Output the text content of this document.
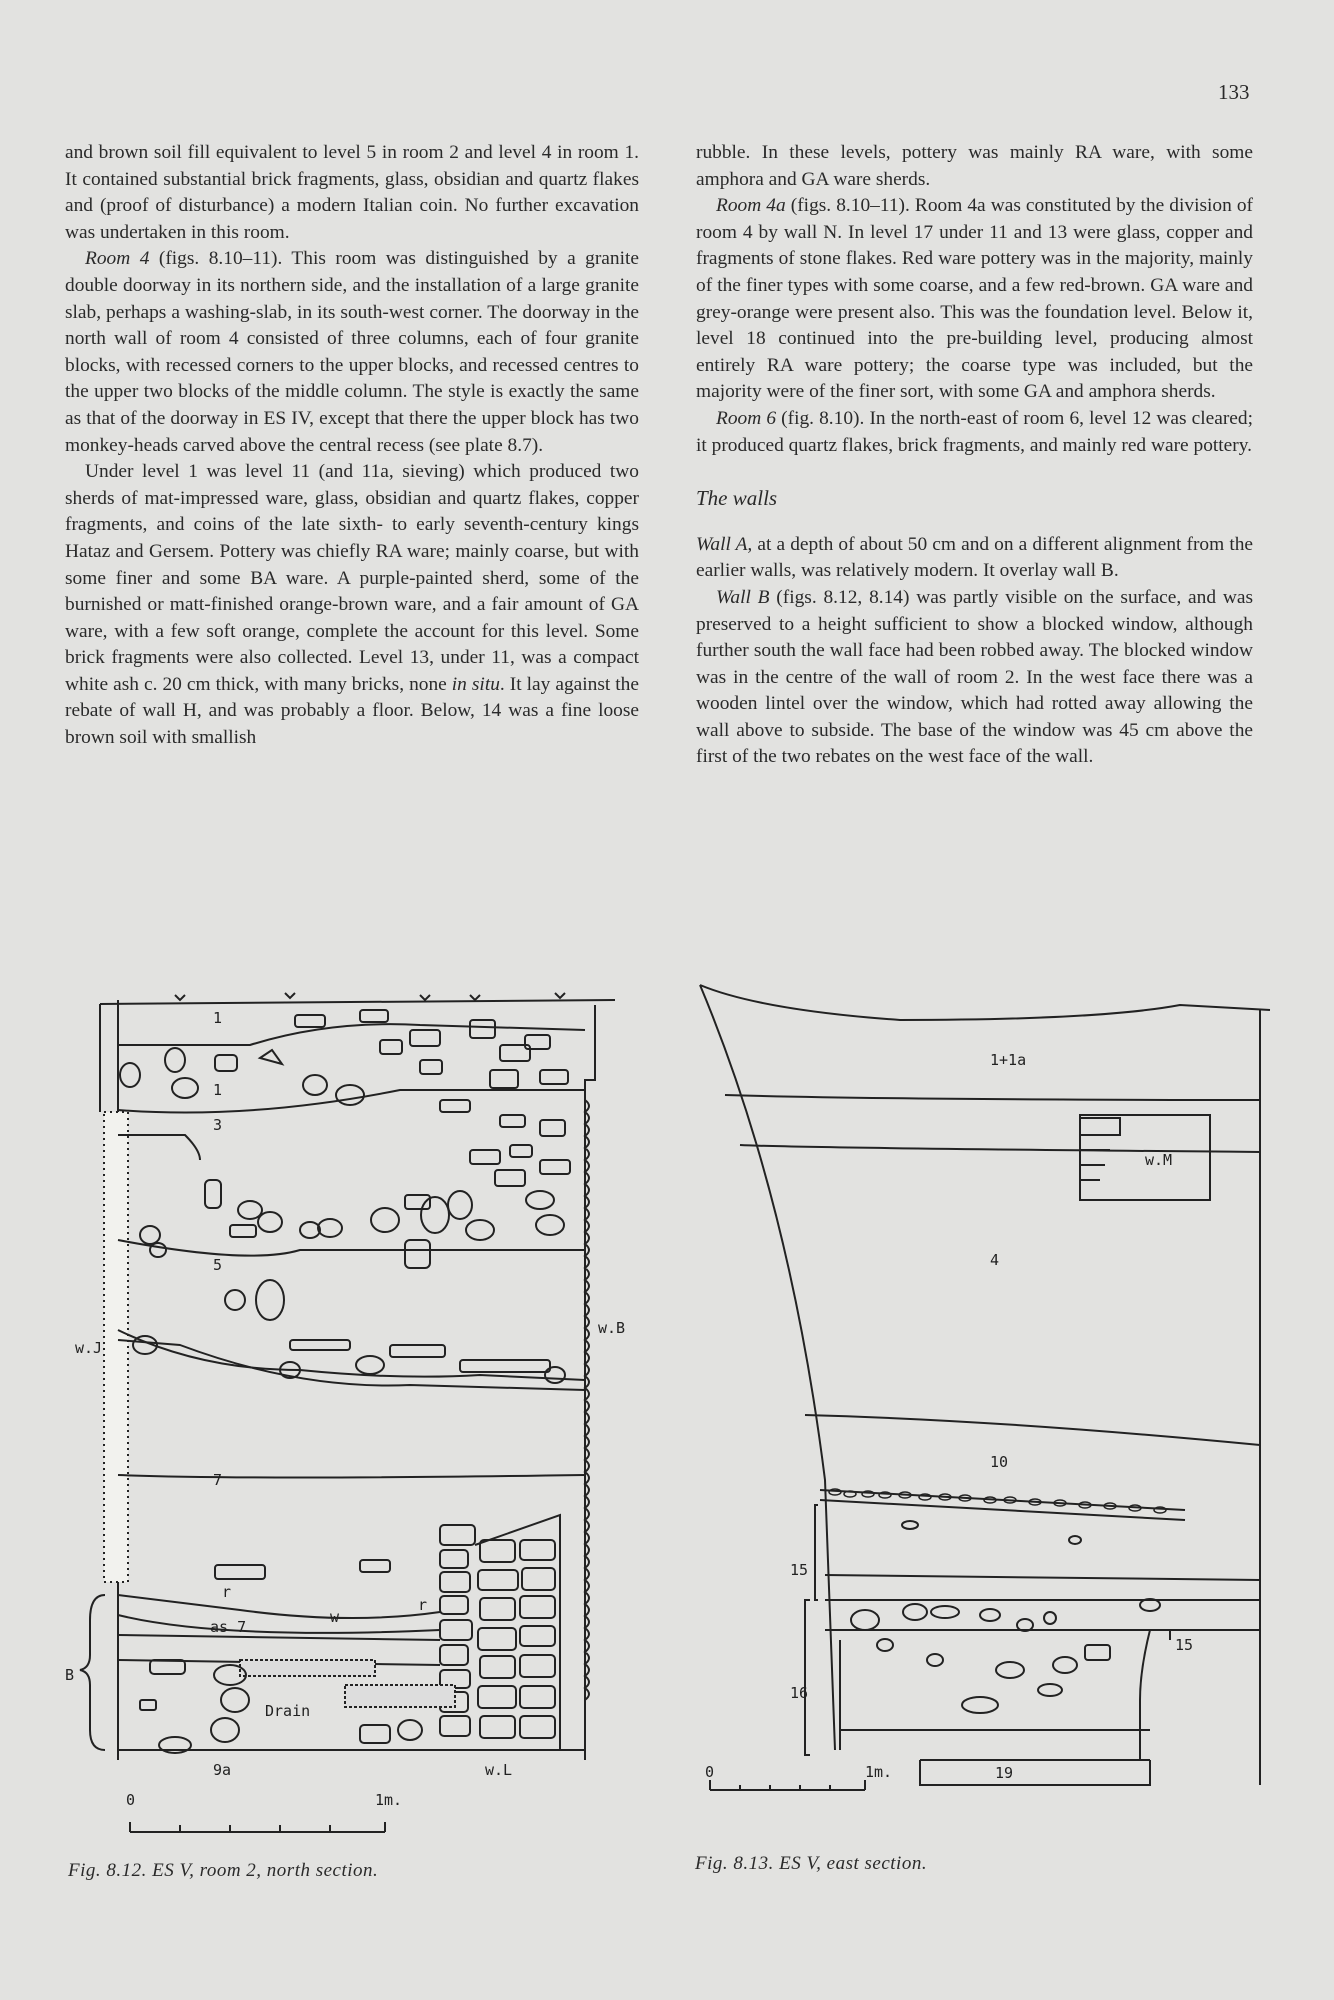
133

and brown soil fill equivalent to level 5 in room 2 and level 4 in room 1. It contained substantial brick fragments, glass, obsidian and quartz flakes and (proof of disturbance) a modern Italian coin. No further excavation was undertaken in this room.

Room 4 (figs. 8.10–11). This room was distinguished by a granite double doorway in its northern side, and the installation of a large granite slab, perhaps a washing-slab, in its south-west corner. The doorway in the north wall of room 4 consisted of three columns, each of four granite blocks, with recessed corners to the upper blocks, and recessed centres to the upper two blocks of the middle column. The style is exactly the same as that of the doorway in ES IV, except that there the upper block has two monkey-heads carved above the central recess (see plate 8.7).

Under level 1 was level 11 (and 11a, sieving) which produced two sherds of mat-impressed ware, glass, obsidian and quartz flakes, copper fragments, and coins of the late sixth- to early seventh-century kings Hataz and Gersem. Pottery was chiefly RA ware; mainly coarse, but with some finer and some BA ware. A purple-painted sherd, some of the burnished or matt-finished orange-brown ware, and a fair amount of GA ware, with a few soft orange, complete the account for this level. Some brick fragments were also collected. Level 13, under 11, was a compact white ash c. 20 cm thick, with many bricks, none in situ. It lay against the rebate of wall H, and was probably a floor. Below, 14 was a fine loose brown soil with smallish

rubble. In these levels, pottery was mainly RA ware, with some amphora and GA ware sherds.

Room 4a (figs. 8.10–11). Room 4a was constituted by the division of room 4 by wall N. In level 17 under 11 and 13 were glass, copper and fragments of stone flakes. Red ware pottery was in the majority, mainly of the finer types with some coarse, and a few red-brown. GA ware and grey-orange were present also. This was the foundation level. Below it, level 18 continued into the pre-building level, producing almost entirely RA ware pottery; the coarse type was included, but the majority were of the finer sort, with some GA and amphora sherds.

Room 6 (fig. 8.10). In the north-east of room 6, level 12 was cleared; it produced quartz flakes, brick fragments, and mainly red ware pottery.

The walls

Wall A, at a depth of about 50 cm and on a different alignment from the earlier walls, was relatively modern. It overlay wall B.

Wall B (figs. 8.12, 8.14) was partly visible on the surface, and was preserved to a height sufficient to show a blocked window, although further south the wall face had been robbed away. The blocked window was in the centre of the wall of room 2. In the west face there was a wooden lintel over the window, which had rotted away allowing the wall above to subside. The base of the window was 45 cm above the first of the two rebates on the west face of the wall.

1
1
3
5
7
as 7
w
r
r
Drain
9a	w.L
w.J
w.B
B
0	1m.
1+1a
w.M
4
10
15
15
16
19
0	1m.
Fig. 8.12. ES V, room 2, north section.	Fig. 8.13. ES V, east section.
